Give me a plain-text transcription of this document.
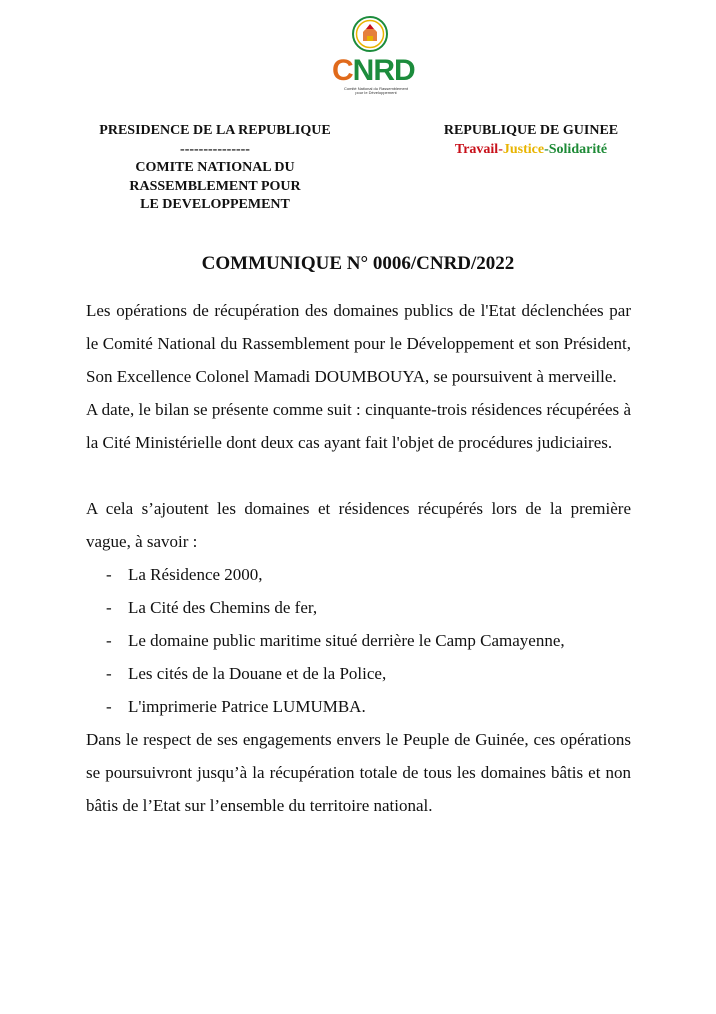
CNRD
Comité National du Rassemblement
pour le Développement
PRESIDENCE DE LA REPUBLIQUE
---------------
COMITE NATIONAL DU
RASSEMBLEMENT POUR
LE DEVELOPPEMENT
REPUBLIQUE DE GUINEE
Travail-Justice-Solidarité
COMMUNIQUE N° 0006/CNRD/2022

Les opérations de récupération des domaines publics de l'Etat déclenchées par le Comité National du Rassemblement pour le Développement et son Président, Son Excellence Colonel Mamadi DOUMBOUYA, se poursuivent à merveille.

A date, le bilan se présente comme suit : cinquante-trois résidences récupérées à la Cité Ministérielle dont deux cas ayant fait l'objet de procédures judiciaires.

A cela s’ajoutent les domaines et résidences récupérés lors de la première vague, à savoir :

- La Résidence 2000,
- La Cité des Chemins de fer,
- Le domaine public maritime situé derrière le Camp Camayenne,
- Les cités de la Douane et de la Police,
- L'imprimerie Patrice LUMUMBA.

Dans le respect de ses engagements envers le Peuple de Guinée, ces opérations se poursuivront jusqu’à la récupération totale de tous les domaines bâtis et non bâtis de l’Etat sur l’ensemble du territoire national.
